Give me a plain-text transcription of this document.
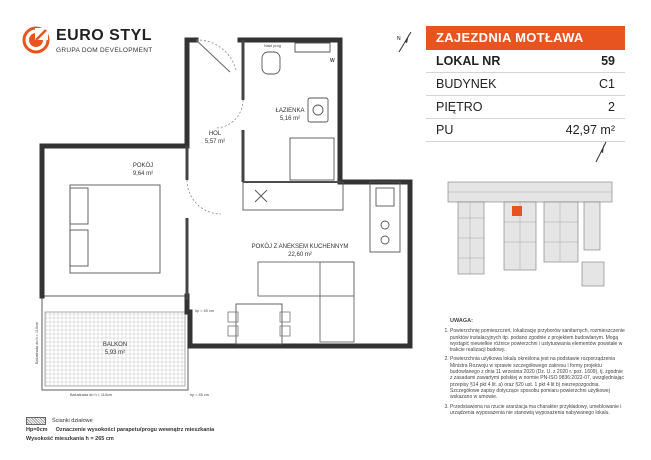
EURO STYL
GRUPA DOM DEVELOPMENT
ŁAZIENKA
5,16 m²
HOL
5,57 m²
POKÓJ
9,64 m²
POKÓJ Z ANEKSEM KUCHENNYM
22,60 m²
BALKON
5,93 m²
Niski próg
hp = 45 cm
hp = 45 cm
Balustrada do h = 110cm
Balustrada do h = 110cm
W
N	ZAJEZDNIA MOTŁAWA
LOKAL NR	59
BUDYNEK	C1
PIĘTRO	2
PU	42,97 m²
UWAGA:
1. Powierzchnię pomieszczeń, lokalizację przyborów sanitarnych, rozmieszczenie punktów instalacyjnych itp. podano zgodnie z projektem budowlanym. Mogą wystąpić niewielkie różnice powierzchni i ustytuowania elementów powstałe w trakcie realizacji budowy.
2. Powierzchnia użytkowa lokalu określona jest na podstawie rozporządzenia Ministra Rozwoju w sprawie szczegółowego zakresu i formy projektu budowlanego z dnia 11 września 2020 (Dz. U. z 2020 r. poz. 1609), tj. zgodnie z zasadami zawartymi polskiej w normie PN-ISO 9836:2022-07, uwzględniając przepisy §14 pkt 4 lit. a) oraz §20 ust. 1 pkt 4 lit b) niezrepozgodnia. Szczegółowe zapisy dotyczące sposobu pomiaru powierzchni użytkowej wskazano w umowie.
3. Przedstawiona na rzucie aranżacja ma charakter przykładowy, umeblowanie i urządzenia wyposażenia nie stanowią wyposażenia nabywanego lokalu.
Ścianki działowe
Hp=0cm Oznaczenie wysokości parapetu/progu wewnątrz mieszkania
Wysokość mieszkania h = 265 cm
